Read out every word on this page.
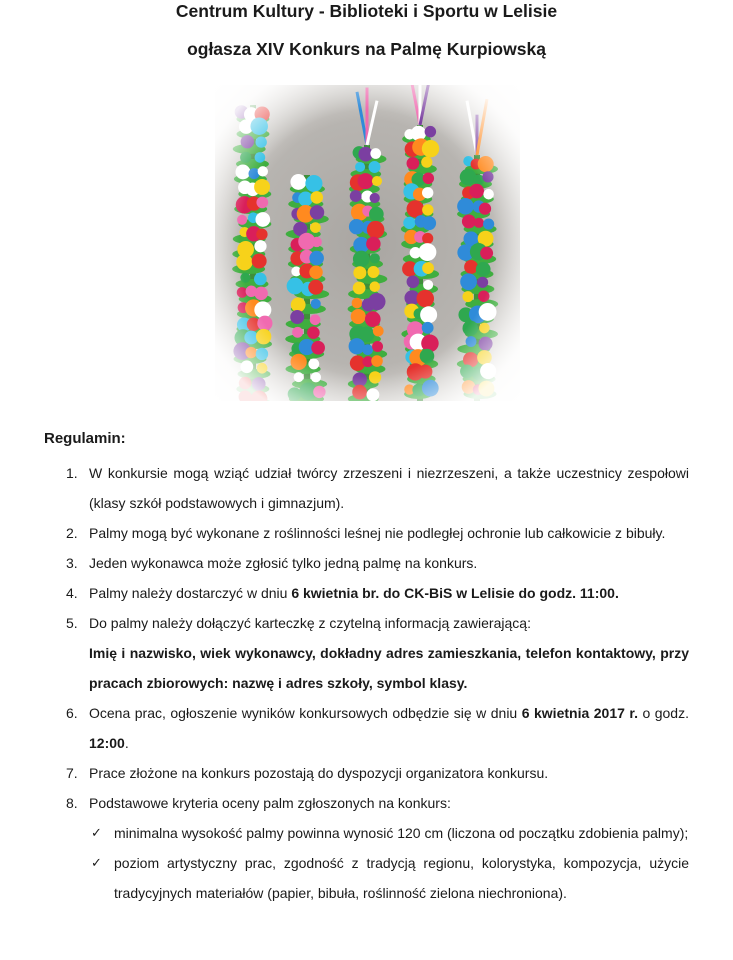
Centrum Kultury - Biblioteki i Sportu w Lelisie
ogłasza XIV Konkurs na Palmę Kurpiowską
Regulamin:
1. W konkursie mogą wziąć udział twórcy zrzeszeni i niezrzeszeni, a także uczestnicy zespołowi (klasy szkół podstawowych i gimnazjum).
2. Palmy mogą być wykonane z roślinności leśnej nie podległej ochronie lub całkowicie z bibuły.
3. Jeden wykonawca może zgłosić tylko jedną palmę na konkurs.
4. Palmy należy dostarczyć w dniu 6 kwietnia br. do CK-BiS w Lelisie do godz. 11:00.
5. Do palmy należy dołączyć karteczkę z czytelną informacją zawierającą:
Imię i nazwisko, wiek wykonawcy, dokładny adres zamieszkania, telefon kontaktowy, przy pracach zbiorowych: nazwę i adres szkoły, symbol klasy.
6. Ocena prac, ogłoszenie wyników konkursowych odbędzie się w dniu 6 kwietnia 2017 r. o godz. 12:00.
7. Prace złożone na konkurs pozostają do dyspozycji organizatora konkursu.
8. Podstawowe kryteria oceny palm zgłoszonych na konkurs:
✓ minimalna wysokość palmy powinna wynosić 120 cm (liczona od początku zdobienia palmy);
✓ poziom artystyczny prac, zgodność z tradycją regionu, kolorystyka, kompozycja, użycie tradycyjnych materiałów (papier, bibuła, roślinność zielona niechroniona).
